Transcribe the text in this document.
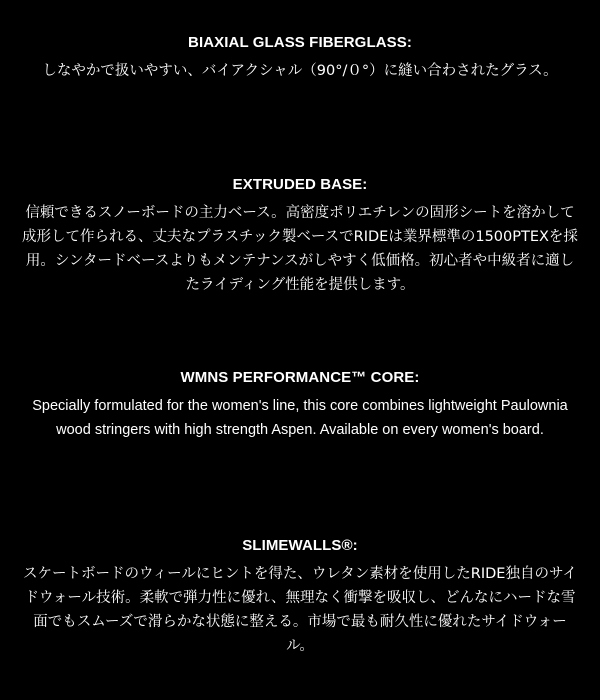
BIAXIAL GLASS FIBERGLASS:

しなやかで扱いやすい、バイアクシャル（90°/０°）に縫い合わされたグラス。

EXTRUDED BASE:

信頼できるスノーボードの主力ベース。高密度ポリエチレンの固形シートを溶かして成形して作られる、丈夫なプラスチック製ベースでRIDEは業界標準の1500PTEXを採用。シンタードベースよりもメンテナンスがしやすく低価格。初心者や中級者に適したライディング性能を提供します。

WMNS PERFORMANCE™ CORE:

Specially formulated for the women's line, this core combines lightweight Paulownia wood stringers with high strength Aspen. Available on every women's board.

SLIMEWALLS®:

スケートボードのウィールにヒントを得た、ウレタン素材を使用したRIDE独自のサイドウォール技術。柔軟で弾力性に優れ、無理なく衝撃を吸収し、どんなにハードな雪面でもスムーズで滑らかな状態に整える。市場で最も耐久性に優れたサイドウォール。
